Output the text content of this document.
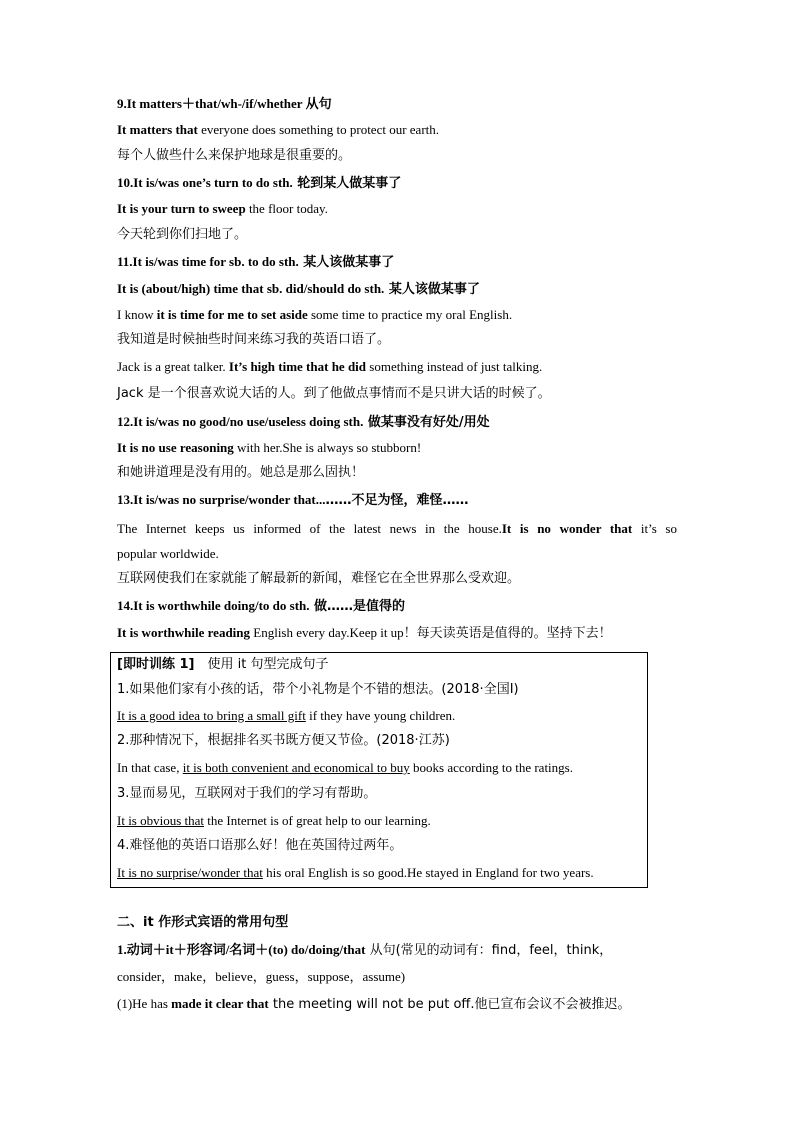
9.It matters＋that/wh-/if/whether 从句
It matters that everyone does something to protect our earth.
每个人做些什么来保护地球是很重要的。
10.It is/was one’s turn to do sth. 轮到某人做某事了
It is your turn to sweep the floor today.
今天轮到你们扫地了。
11.It is/was time for sb. to do sth. 某人该做某事了
It is (about/high) time that sb. did/should do sth. 某人该做某事了
I know it is time for me to set aside some time to practice my oral English.
我知道是时候抽些时间来练习我的英语口语了。
Jack is a great talker. It’s high time that he did something instead of just talking.
Jack 是一个很喜欢说大话的人。到了他做点事情而不是只讲大话的时候了。
12.It is/was no good/no use/useless doing sth. 做某事没有好处/用处
It is no use reasoning with her.She is always so stubborn!
和她讲道理是没有用的。她总是那么固执！
13.It is/was no surprise/wonder that...……不足为怪，难怪……
The Internet keeps us informed of the latest news in the house.It is no wonder that it’s so
popular worldwide.
互联网使我们在家就能了解最新的新闻，难怪它在全世界那么受欢迎。
14.It is worthwhile doing/to do sth. 做……是值得的
It is worthwhile reading English every day.Keep it up！每天读英语是值得的。坚持下去！
二、it 作形式宾语的常用句型
1.动词＋it＋形容词/名词＋(to) do/doing/that 从句(常见的动词有：find，feel，think，
consider，make，believe，guess，suppose，assume)
(1)He has made it clear that the meeting will not be put off.他已宣布会议不会被推迟。
[即时训练 1]　使用 it 句型完成句子
1.如果他们家有小孩的话，带个小礼物是个不错的想法。(2018·全国Ⅰ)
It is a good idea to bring a small gift if they have young children.
2.那种情况下，根据排名买书既方便又节俭。(2018·江苏)
In that case, it is both convenient and economical to buy books according to the ratings.
3.显而易见，互联网对于我们的学习有帮助。
It is obvious that the Internet is of great help to our learning.
4.难怪他的英语口语那么好！他在英国待过两年。
It is no surprise/wonder that his oral English is so good.He stayed in England for two years.
